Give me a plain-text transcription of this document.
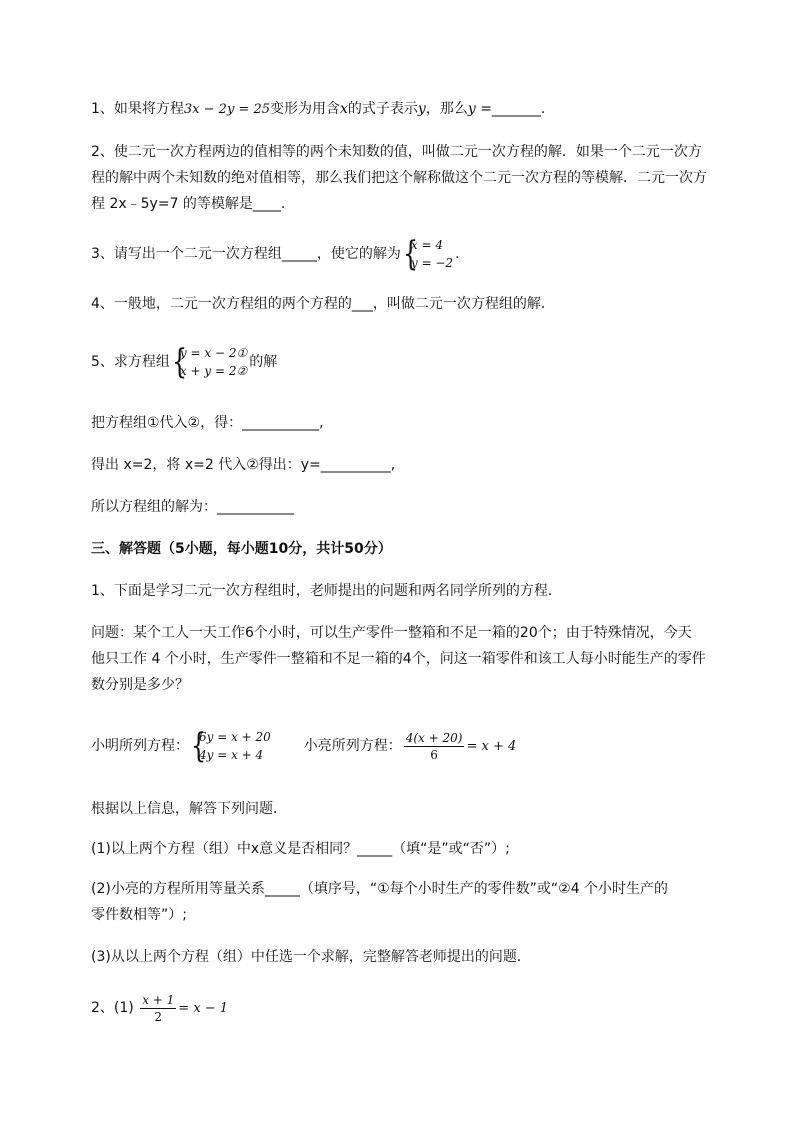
1、如果将方程3x − 2y = 25变形为用含x的式子表示y，那么y =_______.
2、使二元一次方程两边的值相等的两个未知数的值，叫做二元一次方程的解．如果一个二元一次方
程的解中两个未知数的绝对值相等，那么我们把这个解称做这个二元一次方程的等模解．二元一次方
程 2x﹣5y=7 的等模解是____.
3、请写出一个二元一次方程组_____，使它的解为 {
x = 4
y = −2
.
4、一般地，二元一次方程组的两个方程的___，叫做二元一次方程组的解．
5、求方程组 {
y = x − 2①
x + y = 2②
的解
把方程组①代入②，得：___________,
得出 x=2，将 x=2 代入②得出：y=__________,
所以方程组的解为：___________
三、解答题（5小题，每小题10分，共计50分）
1、下面是学习二元一次方程组时，老师提出的问题和两名同学所列的方程．
问题：某个工人一天工作6个小时，可以生产零件一整箱和不足一箱的20个；由于特殊情况，今天
他只工作 4 个小时，生产零件一整箱和不足一箱的4个，问这一箱零件和该工人每小时能生产的零件
数分别是多少？
小明所列方程： {
6y = x + 20
4y = x + 4
小亮所列方程： $\frac{4(x + 20)}{6} = x + 4$
根据以上信息，解答下列问题．
(1)以上两个方程（组）中x意义是否相同？_____（填“是”或“否”）;
(2)小亮的方程所用等量关系_____（填序号，“①每个小时生产的零件数”或“②4 个小时生产的
零件数相等”）;
(3)从以上两个方程（组）中任选一个求解，完整解答老师提出的问题．
2、$(1) \frac{x + 1}{2} = x - 1$
